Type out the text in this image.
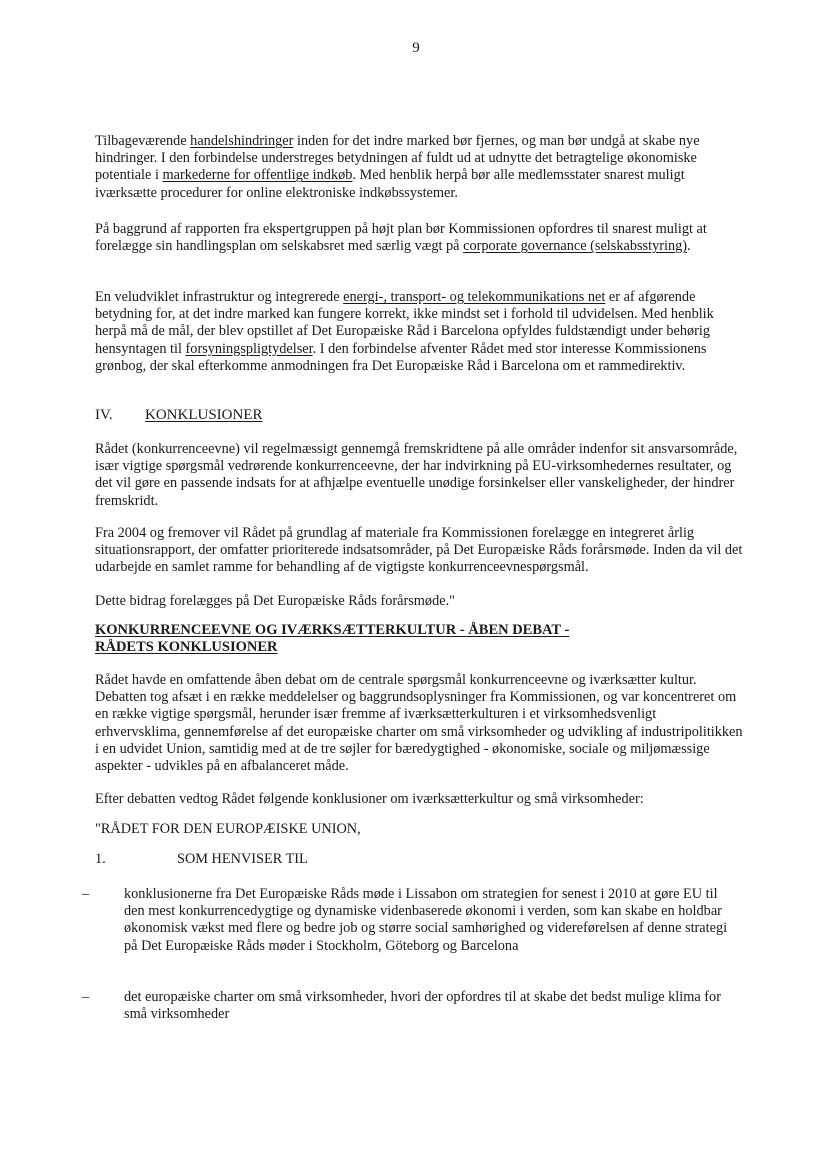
9

Tilbageværende handelshindringer inden for det indre marked bør fjernes, og man bør undgå at skabe nye hindringer. I den forbindelse understreges betydningen af fuldt ud at udnytte det betragtelige økonomiske potentiale i markederne for offentlige indkøb. Med henblik herpå bør alle medlemsstater snarest muligt iværksætte procedurer for online elektroniske indkøbssystemer.

På baggrund af rapporten fra ekspertgruppen på højt plan bør Kommissionen opfordres til snarest muligt at forelægge sin handlingsplan om selskabsret med særlig vægt på corporate governance (selskabsstyring).

En veludviklet infrastruktur og integrerede energi-, transport- og telekommunikations net er af afgørende betydning for, at det indre marked kan fungere korrekt, ikke mindst set i forhold til udvidelsen. Med henblik herpå må de mål, der blev opstillet af Det Europæiske Råd i Barcelona opfyldes fuldstændigt under behørig hensyntagen til forsyningspligtydelser. I den forbindelse afventer Rådet med stor interesse Kommissionens grønbog, der skal efterkomme anmodningen fra Det Europæiske Råd i Barcelona om et rammedirektiv.

IV. KONKLUSIONER

Rådet (konkurrenceevne) vil regelmæssigt gennemgå fremskridtene på alle områder indenfor sit ansvarsområde, især vigtige spørgsmål vedrørende konkurrenceevne, der har indvirkning på EU-virksomhedernes resultater, og det vil gøre en passende indsats for at afhjælpe eventuelle unødige forsinkelser eller vanskeligheder, der hindrer fremskridt.

Fra 2004 og fremover vil Rådet på grundlag af materiale fra Kommissionen forelægge en integreret årlig situationsrapport, der omfatter prioriterede indsatsområder, på Det Europæiske Råds forårsmøde. Inden da vil det udarbejde en samlet ramme for behandling af de vigtigste konkurrenceevnespørgsmål.

Dette bidrag forelægges på Det Europæiske Råds forårsmøde."

KONKURRENCEEVNE OG IVÆRKSÆTTERKULTUR - ÅBEN DEBAT -
RÅDETS KONKLUSIONER

Rådet havde en omfattende åben debat om de centrale spørgsmål konkurrenceevne og iværksætter kultur. Debatten tog afsæt i en række meddelelser og baggrundsoplysninger fra Kommissionen, og var koncentreret om en række vigtige spørgsmål, herunder især fremme af iværksætterkulturen i et virksomhedsvenligt erhvervsklima, gennemførelse af det europæiske charter om små virksomheder og udvikling af industripolitikken i en udvidet Union, samtidig med at de tre søjler for bæredygtighed - økonomiske, sociale og miljømæssige aspekter - udvikles på en afbalanceret måde.

Efter debatten vedtog Rådet følgende konklusioner om iværksætterkultur og små virksomheder:

"RÅDET FOR DEN EUROPÆISKE UNION,

1.	SOM HENVISER TIL
–	konklusionerne fra Det Europæiske Råds møde i Lissabon om strategien for senest i 2010 at gøre EU til den mest konkurrencedygtige og dynamiske videnbaserede økonomi i verden, som kan skabe en holdbar økonomisk vækst med flere og bedre job og større social samhørighed og videreførelsen af denne strategi på Det Europæiske Råds møder i Stockholm, Göteborg og Barcelona
–	det europæiske charter om små virksomheder, hvori der opfordres til at skabe det bedst mulige klima for små virksomheder
